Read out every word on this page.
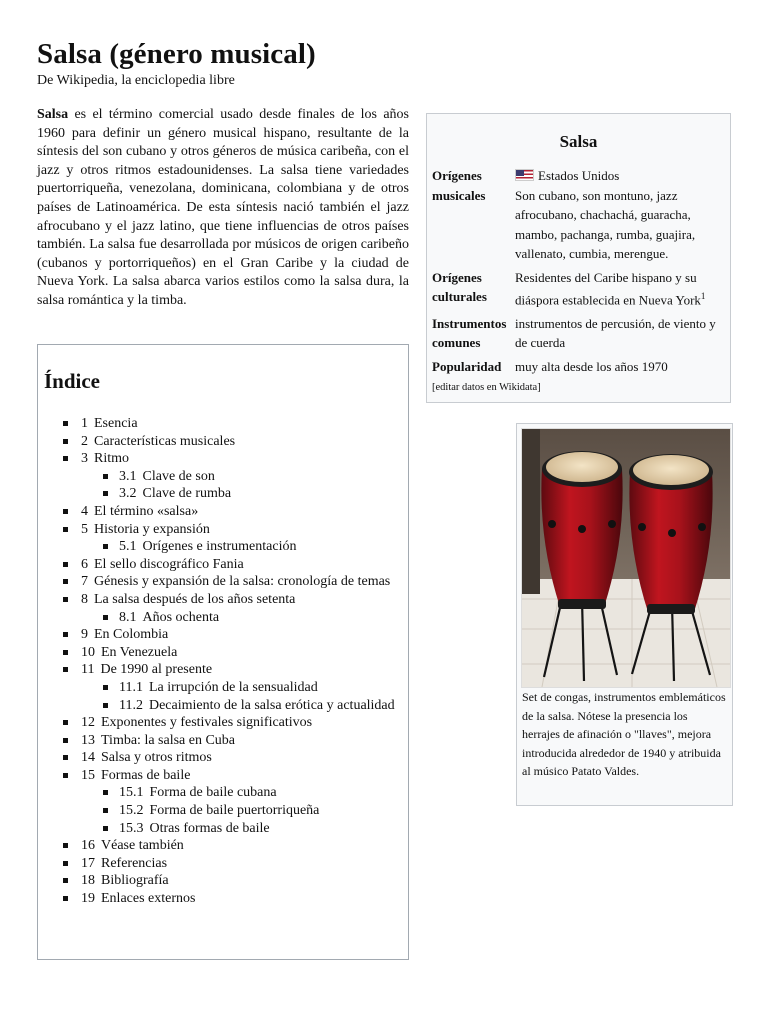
Salsa (género musical)
De Wikipedia, la enciclopedia libre

Salsa es el término comercial usado desde finales de los años 1960 para definir un género musical hispano, resultante de la síntesis del son cubano y otros géneros de música caribeña, con el jazz y otros ritmos estadounidenses. La salsa tiene variedades puertorriqueña, venezolana, dominicana, colombiana y de otros países de Latinoamérica. De esta síntesis nació también el jazz afrocubano y el jazz latino, que tiene influencias de otros países también. La salsa fue desarrollada por músicos de origen caribeño (cubanos y portorriqueños) en el Gran Caribe y la ciudad de Nueva York. La salsa abarca varios estilos como la salsa dura, la salsa romántica y la timba.

Salsa
Orígenes musicales	Estados Unidos
Son cubano, son montuno, jazz afrocubano, chachachá, guaracha, mambo, pachanga, rumba, guajira, vallenato, cumbia, merengue.
Orígenes culturales	Residentes del Caribe hispano y su diáspora establecida en Nueva York$^1$
Instrumentos comunes	instrumentos de percusión, de viento y de cuerda
Popularidad	muy alta desde los años 1970
[editar datos en Wikidata]
Set de congas, instrumentos emblemáticos de la salsa. Nótese la presencia los herrajes de afinación o "llaves", mejora introducida alrededor de 1940 y atribuida al músico Patato Valdes.
Índice
1 Esencia
2 Características musicales
3 Ritmo
3.1 Clave de son
3.2 Clave de rumba
4 El término «salsa»
5 Historia y expansión
5.1 Orígenes e instrumentación
6 El sello discográfico Fania
7 Génesis y expansión de la salsa: cronología de temas
8 La salsa después de los años setenta
8.1 Años ochenta
9 En Colombia
10 En Venezuela
11 De 1990 al presente
11.1 La irrupción de la sensualidad
11.2 Decaimiento de la salsa erótica y actualidad
12 Exponentes y festivales significativos
13 Timba: la salsa en Cuba
14 Salsa y otros ritmos
15 Formas de baile
15.1 Forma de baile cubana
15.2 Forma de baile puertorriqueña
15.3 Otras formas de baile
16 Véase también
17 Referencias
18 Bibliografía
19 Enlaces externos
